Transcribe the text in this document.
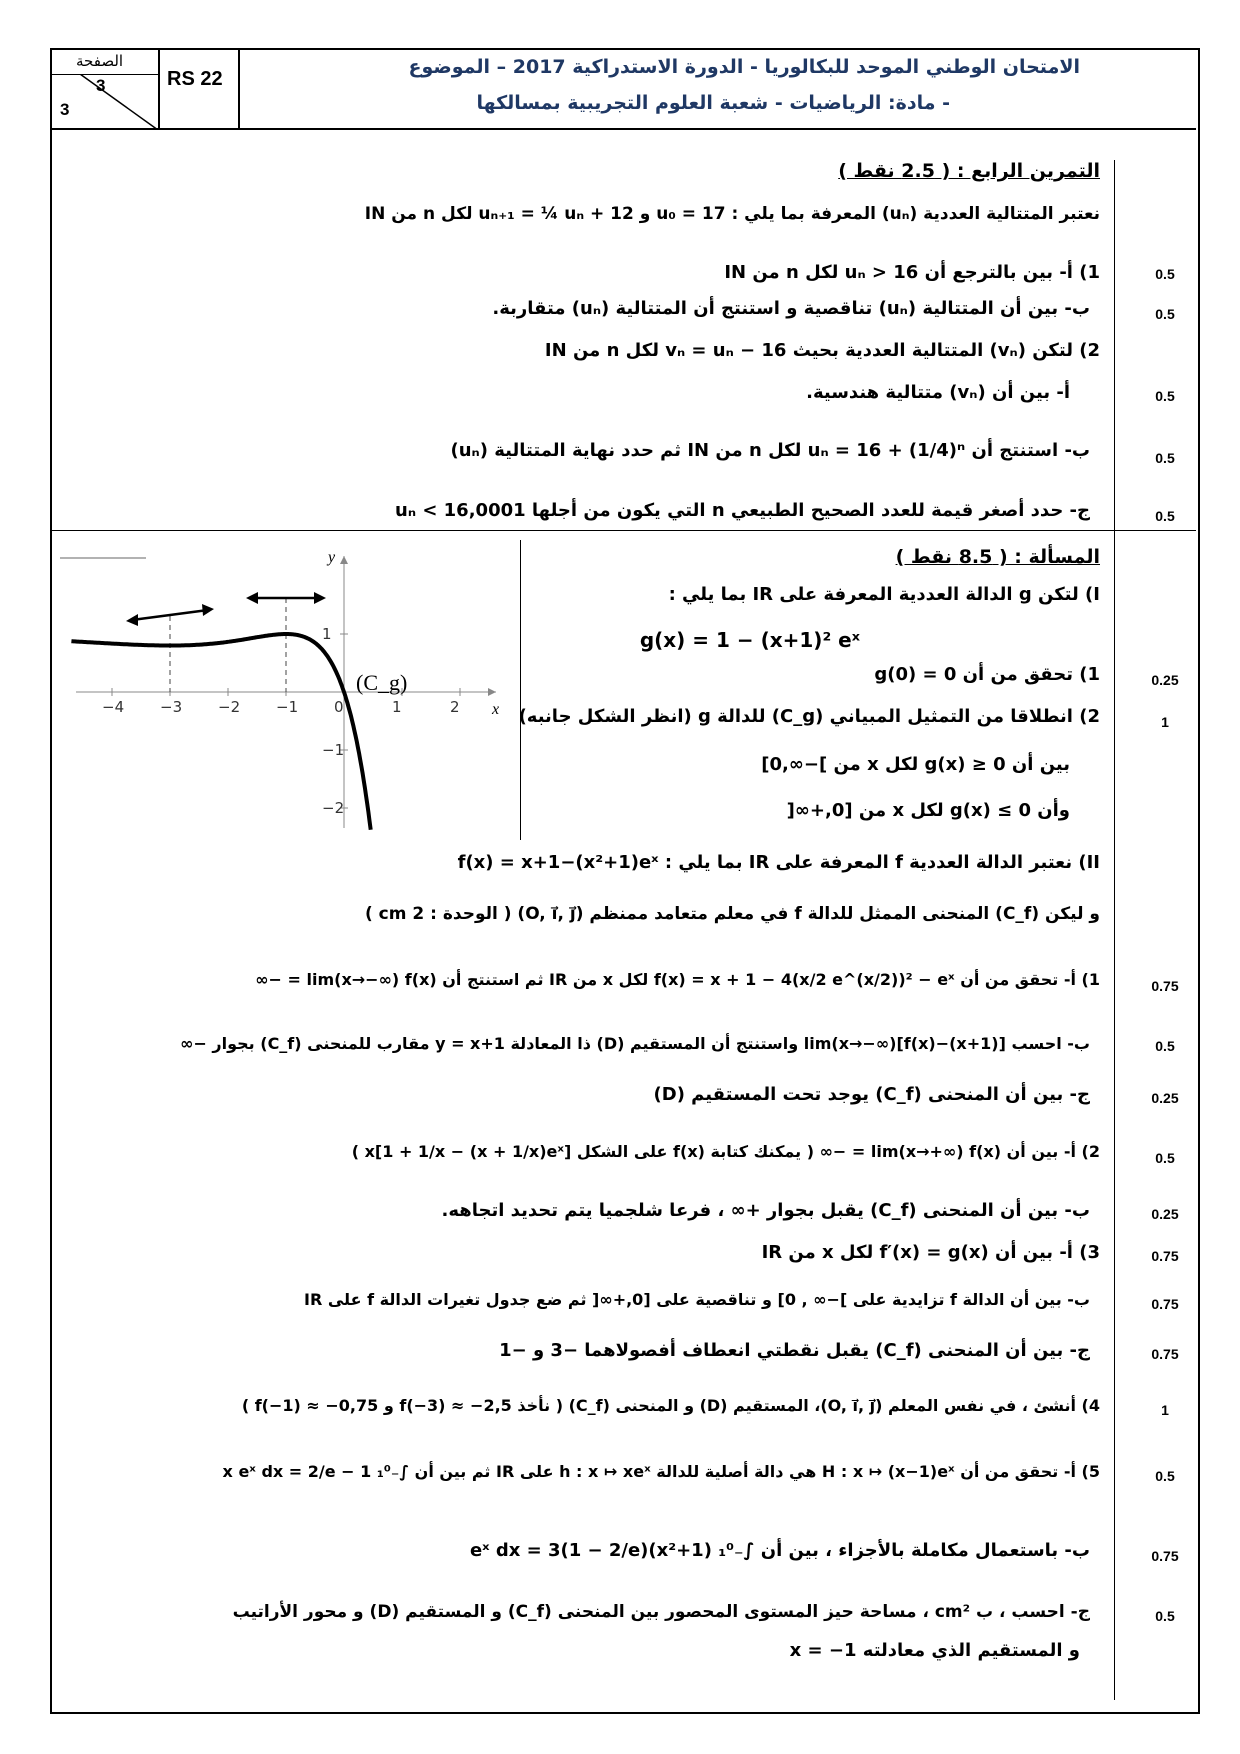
الامتحان الوطني الموحد للبكالوريا - الدورة الاستدراكية 2017 – الموضوع
- مادة: الرياضيات - شعبة العلوم التجريبية بمسالكها
RS 22
الصفحة
3
3
التمرين الرابع : ( 2.5 نقط )
نعتبر المتتالية العددية (uₙ) المعرفة بما يلي : u₀ = 17 و uₙ₊₁ = ¼ uₙ + 12 لكل n من IN
1) أ- بين بالترجع أن uₙ > 16 لكل n من IN	0.5
ب- بين أن المتتالية (uₙ) تناقصية و استنتج أن المتتالية (uₙ) متقاربة.	0.5
2) لتكن (vₙ) المتتالية العددية بحيث vₙ = uₙ − 16 لكل n من IN
أ- بين أن (vₙ) متتالية هندسية.	0.5
ب- استنتج أن uₙ = 16 + (1/4)ⁿ لكل n من IN ثم حدد نهاية المتتالية (uₙ)	0.5
ج- حدد أصغر قيمة للعدد الصحيح الطبيعي n التي يكون من أجلها uₙ < 16,0001	0.5
−4 −3 −2 −1 0	1	2
1
−1
−2
x
y
(C_g)
المسألة : ( 8.5 نقط )
I) لتكن g الدالة العددية المعرفة على IR بما يلي :
g(x) = 1 − (x+1)² eˣ
1) تحقق من أن g(0) = 0	0.25
2) انطلاقا من التمثيل المبياني (C_g) للدالة g (انظر الشكل جانبه)	1
بين أن g(x) ≥ 0 لكل x من ]−∞,0]
وأن g(x) ≤ 0 لكل x من [0,+∞[
II) نعتبر الدالة العددية f المعرفة على IR بما يلي : f(x) = x+1−(x²+1)eˣ
و ليكن (C_f) المنحنى الممثل للدالة f في معلم متعامد ممنظم (O, i⃗, j⃗) ( الوحدة : 2 cm )
1) أ- تحقق من أن f(x) = x + 1 − 4(x/2 e^(x/2))² − eˣ لكل x من IR ثم استنتج أن lim(x→−∞) f(x) = −∞	0.75
ب- احسب lim(x→−∞)[f(x)−(x+1)] واستنتج أن المستقيم (D) ذا المعادلة y = x+1 مقارب للمنحنى (C_f) بجوار −∞	0.5
ج- بين أن المنحنى (C_f) يوجد تحت المستقيم (D)	0.25
2) أ- بين أن lim(x→+∞) f(x) = −∞ ( يمكنك كتابة f(x) على الشكل x[1 + 1/x − (x + 1/x)eˣ] )	0.5
ب- بين أن المنحنى (C_f) يقبل بجوار +∞ ، فرعا شلجميا يتم تحديد اتجاهه.	0.25
3) أ- بين أن f′(x) = g(x) لكل x من IR	0.75
ب- بين أن الدالة f تزايدية على ]−∞ , 0] و تناقصية على [0,+∞[ ثم ضع جدول تغيرات الدالة f على IR	0.75
ج- بين أن المنحنى (C_f) يقبل نقطتي انعطاف أفصولاهما −3 و −1	0.75
4) أنشئ ، في نفس المعلم (O, i⃗, j⃗)، المستقيم (D) و المنحنى (C_f) ( نأخذ f(−3) ≈ −2,5 و f(−1) ≈ −0,75 )	1
5) أ- تحقق من أن H : x ↦ (x−1)eˣ هي دالة أصلية للدالة h : x ↦ xeˣ على IR ثم بين أن ∫₋₁⁰ x eˣ dx = 2/e − 1	0.5
ب- باستعمال مكاملة بالأجزاء ، بين أن ∫₋₁⁰ (x²+1)eˣ dx = 3(1 − 2/e)	0.75
ج- احسب ، ب cm² ، مساحة حيز المستوى المحصور بين المنحنى (C_f) و المستقيم (D) و محور الأراتيب	0.5
و المستقيم الذي معادلته x = −1
